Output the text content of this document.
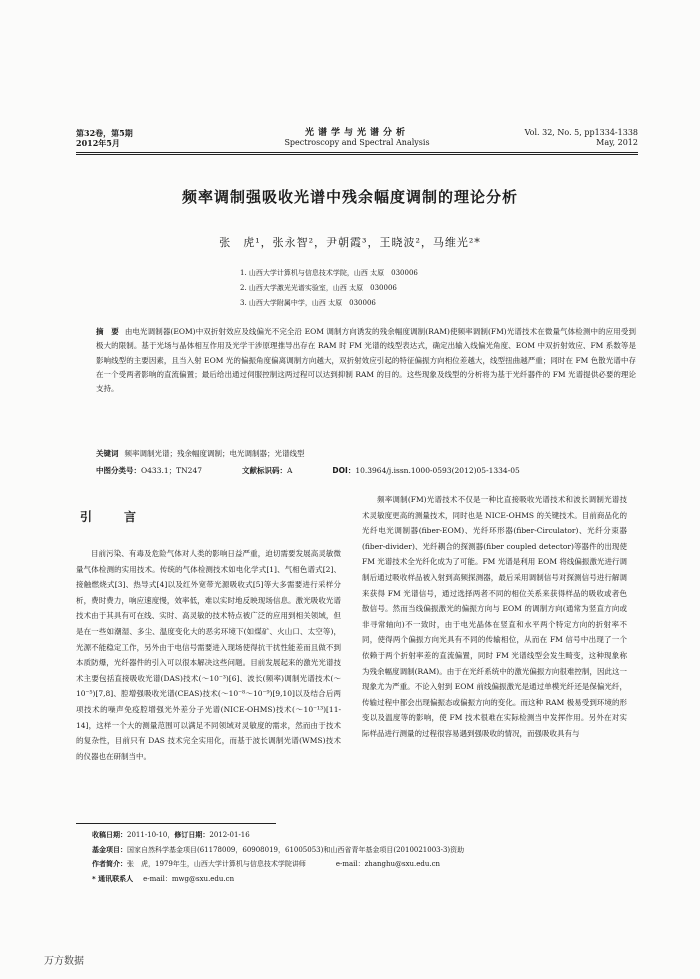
第32卷，第5期
2012年5月
光谱学与光谱分析
Spectroscopy and Spectral Analysis
Vol. 32, No. 5, pp1334-1338
May, 2012
频率调制强吸收光谱中残余幅度调制的理论分析
张　虎¹，张永智²，尹朝霞³，王晓波²，马维光²*
1. 山西大学计算机与信息技术学院，山西 太原　030006
2. 山西大学激光光谱实验室，山西 太原　030006
3. 山西大学附属中学，山西 太原　030006
摘　要 由电光调制器(EOM)中双折射效应及线偏光不完全沿 EOM 调制方向诱发的残余幅度调制(RAM)使频率调制(FM)光谱技术在微量气体检测中的应用受到极大的限制。基于光场与晶体相互作用及光学干涉原理推导出存在 RAM 时 FM 光谱的线型表达式，确定出输入线偏光角度、EOM 中双折射效应、FM 系数等是影响线型的主要因素，且当入射 EOM 光的偏振角度偏离调制方向越大，双折射效应引起的特征偏振方向相位差越大，线型扭曲越严重；同时在 FM 色散光谱中存在一个受两者影响的直流偏置；最后给出通过伺服控制这两过程可以达到抑制 RAM 的目的。这些现象及线型的分析将为基于光纤器件的 FM 光谱提供必要的理论支持。
关键词 频率调制光谱；残余幅度调制；电光调制器；光谱线型
中图分类号：O433.1；TN247	文献标识码：A	DOI：10.3964/j.issn.1000-0593(2012)05-1334-05
引　言

目前污染、有毒及危险气体对人类的影响日益严重，迫切需要发展高灵敏微量气体检测的实用技术。传统的气体检测技术如电化学式[1]、气相色谱式[2]、接触燃烧式[3]、热导式[4]以及红外宽带光源吸收式[5]等大多需要进行采样分析，费时费力，响应速度慢，效率低，难以实时地反映现场信息。激光吸收光谱技术由于其具有可在线、实时、高灵敏的技术特点被广泛的应用到相关领域，但是在一些如潮湿、多尘、温度变化大的恶劣环境下(如煤矿、火山口、太空等)，光源不能稳定工作，另外由于电信号需要进入现场使得抗干扰性能差而且做不到本质防爆，光纤器件的引入可以很本解决这些问题。目前发展起来的激光光谱技术主要包括直接吸收光谱(DAS)技术(～10⁻³)[6]、波长(频率)调制光谱技术(～10⁻⁵)[7,8]、腔增强吸收光谱(CEAS)技术(～10⁻⁸～10⁻⁹)[9,10]以及结合后两项技术的噪声免疫腔增强光外差分子光谱(NICE-OHMS)技术(～10⁻¹³)[11-14]，这样一个大的测量范围可以满足不同领域对灵敏度的需求，然而由于技术的复杂性，目前只有 DAS 技术完全实用化，而基于波长调制光谱(WMS)技术的仪器也在研制当中。

频率调制(FM)光谱技术不仅是一种比直接吸收光谱技术和波长调制光谱技术灵敏度更高的测量技术，同时也是 NICE-OHMS 的关键技术。目前商品化的光纤电光调制器(fiber-EOM)、光纤环形器(fiber-Circulator)、光纤分束器(fiber-divider)、光纤耦合的探测器(fiber coupled detector)等器件的出现使 FM 光谱技术全光纤化成为了可能。FM 光谱是利用 EOM 将线偏振激光进行调制后通过吸收样品被入射到高频探测器，最后采用调制信号对探测信号进行解调来获得 FM 光谱信号，通过选择两者不同的相位关系来获得样品的吸收或者色散信号。然而当线偏振激光的偏振方向与 EOM 的调制方向(通常为竖直方向或非寻常轴向)不一致时，由于电光晶体在竖直和水平两个特定方向的折射率不同，使得两个偏振方向光具有不同的传输相位，从而在 FM 信号中出现了一个依赖于两个折射率差的直流偏置，同时 FM 光谱线型会发生畸变，这种现象称为残余幅度调制(RAM)。由于在光纤系统中的激光偏振方向很难控制，因此这一现象尤为严重。不论入射到 EOM 前线偏振激光是通过单模光纤还是保偏光纤，传输过程中都会出现偏振态或偏振方向的变化。而这种 RAM 极易受到环境的形变以及温度等的影响，使 FM 技术很难在实际检测当中发挥作用。另外在对实际样品进行测量的过程很容易遇到强吸收的情况，而强吸收具有与

收稿日期：2011-10-10，修订日期：2012-01-16
基金项目：国家自然科学基金项目(61178009，60908019，61005053)和山西省青年基金项目(2010021003-3)资助
作者简介：张　虎，1979年生，山西大学计算机与信息技术学院讲师	e-mail：zhanghu@sxu.edu.cn
* 通讯联系人 e-mail：mwg@sxu.edu.cn
万方数据
